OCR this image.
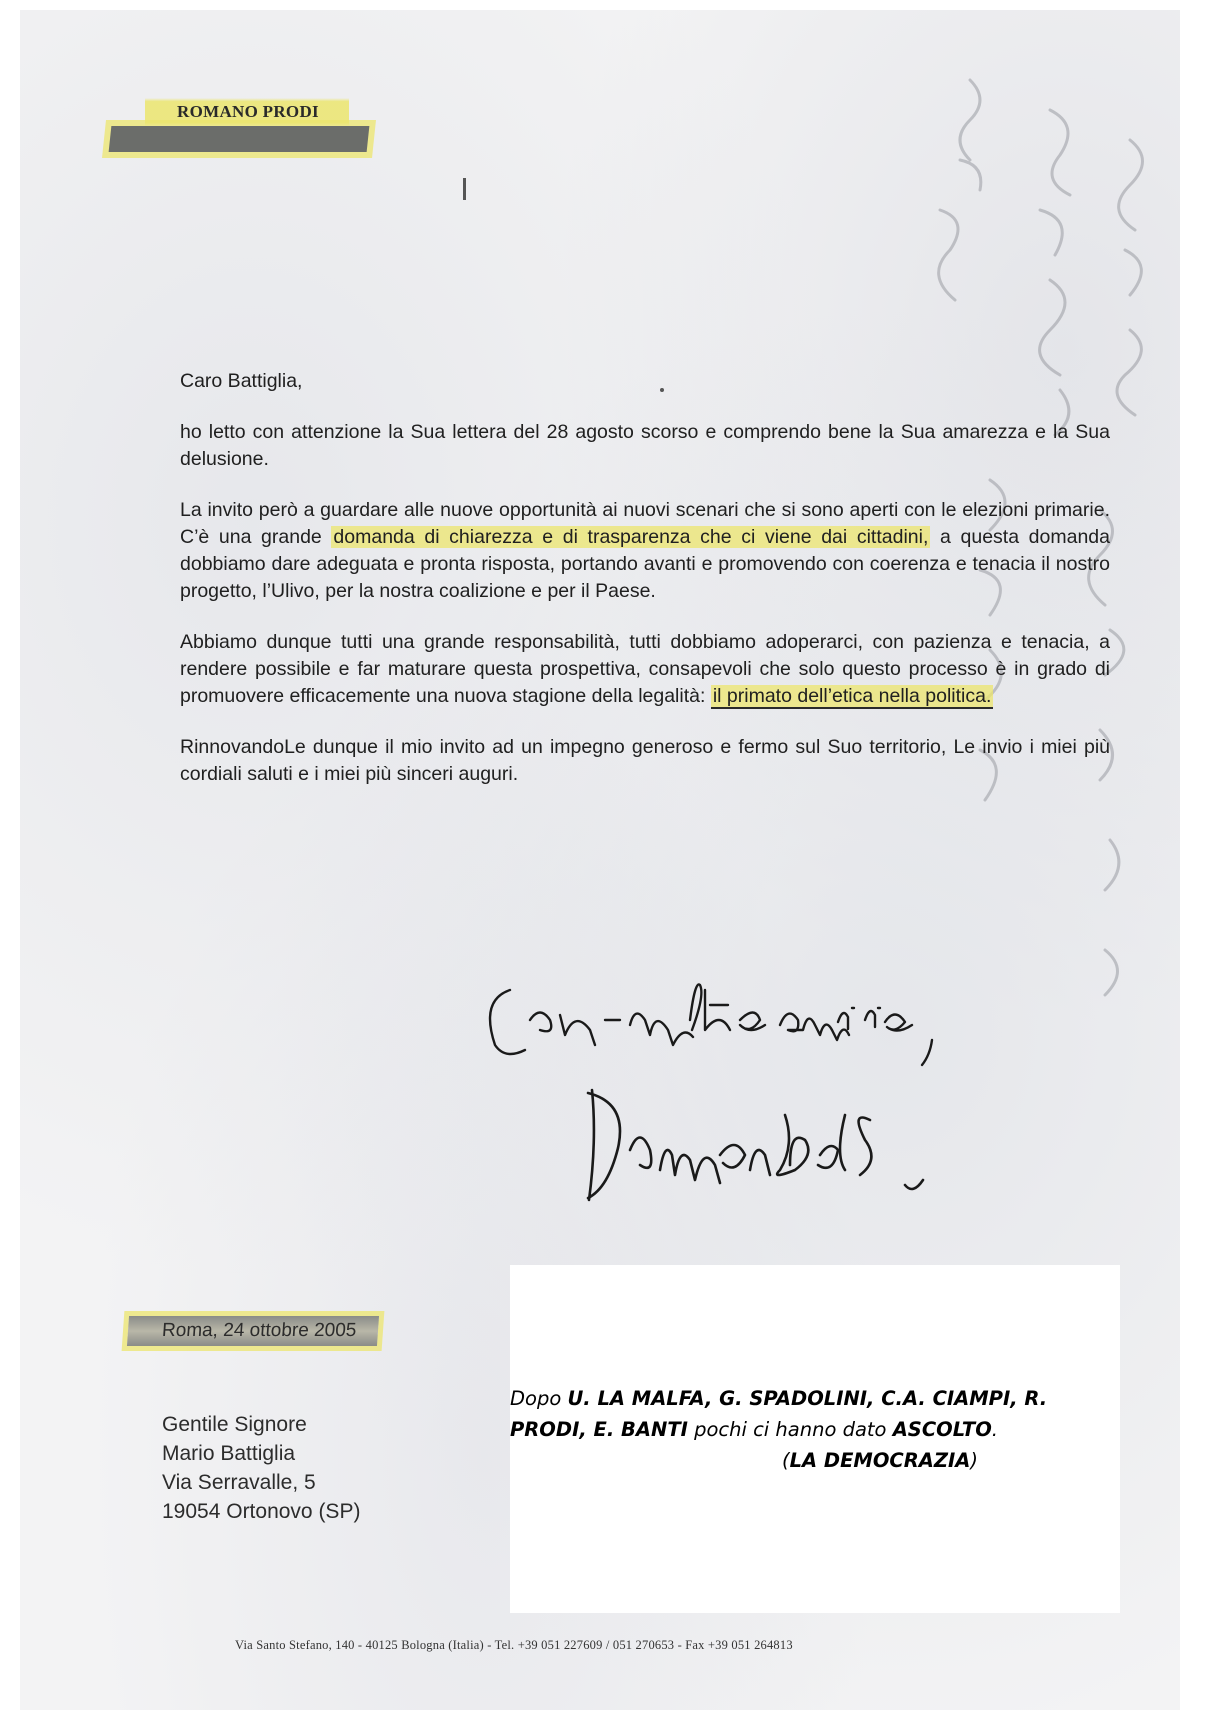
ROMANO PRODI

Caro Battiglia,

ho letto con attenzione la Sua lettera del 28 agosto scorso e comprendo bene la Sua amarezza e la Sua delusione.

La invito però a guardare alle nuove opportunità ai nuovi scenari che si sono aperti con le elezioni primarie. C’è una grande domanda di chiarezza e di trasparenza che ci viene dai cittadini, a questa domanda dobbiamo dare adeguata e pronta risposta, portando avanti e promovendo con coerenza e tenacia il nostro progetto, l’Ulivo, per la nostra coalizione e per il Paese.

Abbiamo dunque tutti una grande responsabilità, tutti dobbiamo adoperarci, con pazienza e tenacia, a rendere possibile e far maturare questa prospettiva, consapevoli che solo questo processo è in grado di promuovere efficacemente una nuova stagione della legalità: il primato dell’etica nella politica.

RinnovandoLe dunque il mio invito ad un impegno generoso e fermo sul Suo territorio, Le invio i miei più cordiali saluti e i miei più sinceri auguri.

Roma, 24 ottobre 2005
Gentile Signore
Mario Battiglia
Via Serravalle, 5
19054 Ortonovo (SP)
Dopo U. LA MALFA, G. SPADOLINI, C.A. CIAMPI, R. PRODI, E. BANTI pochi ci hanno dato ASCOLTO.
(LA DEMOCRAZIA)
Via Santo Stefano, 140 - 40125 Bologna (Italia) - Tel. +39 051 227609 / 051 270653 - Fax +39 051 264813
